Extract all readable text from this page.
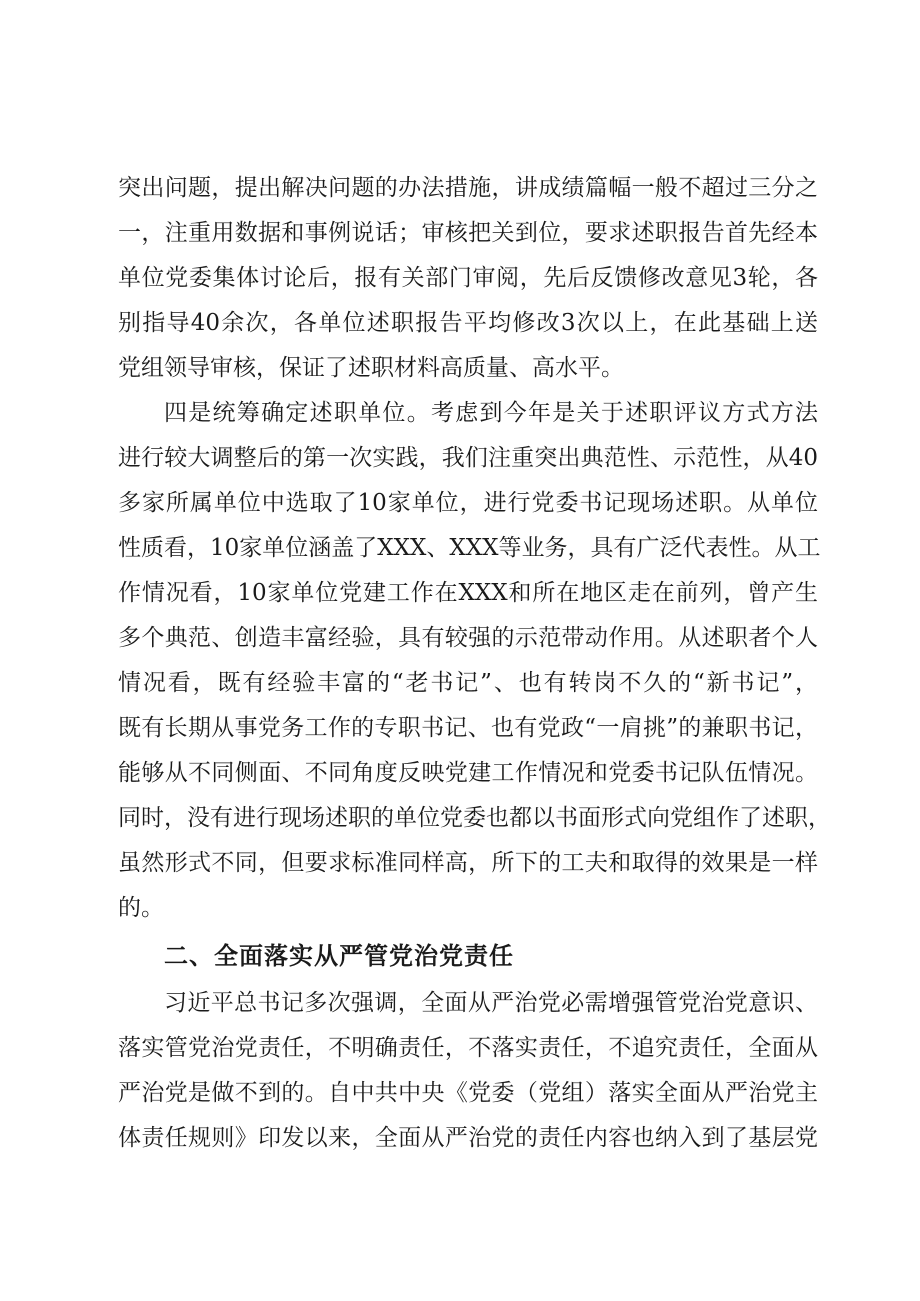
突出问题，提出解决问题的办法措施，讲成绩篇幅一般不超过三分之
一，注重用数据和事例说话；审核把关到位，要求述职报告首先经本
单位党委集体讨论后，报有关部门审阅，先后反馈修改意见3轮，各
别指导40余次，各单位述职报告平均修改3次以上，在此基础上送
党组领导审核，保证了述职材料高质量、高水平。
四是统筹确定述职单位。考虑到今年是关于述职评议方式方法
进行较大调整后的第一次实践，我们注重突出典范性、示范性，从40
多家所属单位中选取了10家单位，进行党委书记现场述职。从单位
性质看，10家单位涵盖了XXX、XXX等业务，具有广泛代表性。从工
作情况看，10家单位党建工作在XXX和所在地区走在前列，曾产生
多个典范、创造丰富经验，具有较强的示范带动作用。从述职者个人
情况看，既有经验丰富的“老书记”、也有转岗不久的“新书记”，
既有长期从事党务工作的专职书记、也有党政“一肩挑”的兼职书记，
能够从不同侧面、不同角度反映党建工作情况和党委书记队伍情况。
同时，没有进行现场述职的单位党委也都以书面形式向党组作了述职，
虽然形式不同，但要求标准同样高，所下的工夫和取得的效果是一样
的。
二、全面落实从严管党治党责任
习近平总书记多次强调，全面从严治党必需增强管党治党意识、
落实管党治党责任，不明确责任，不落实责任，不追究责任，全面从
严治党是做不到的。自中共中央《党委（党组）落实全面从严治党主
体责任规则》印发以来，全面从严治党的责任内容也纳入到了基层党
